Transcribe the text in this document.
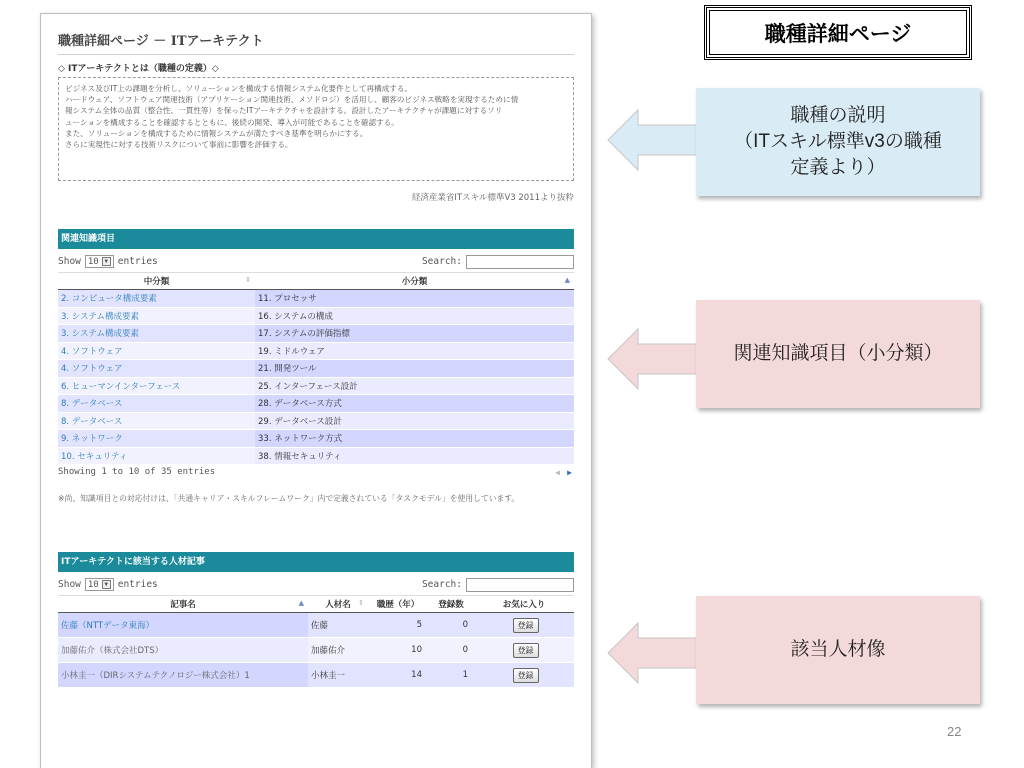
職種詳細ページ － ITアーキテクト
◇ ITアーキテクトとは（職種の定義）◇
ビジネス及びIT上の課題を分析し、ソリューションを構成する情報システム化要件として再構成する。
ハードウェア、ソフトウェア関連技術（アプリケーション関連技術、メソドロジ）を活用し、顧客のビジネス戦略を実現するために情
報システム全体の品質（整合性、一貫性等）を保ったITアーキテクチャを設計する。設計したアーキテクチャが課題に対するソリ
ューションを構成することを確認するとともに、後続の開発、導入が可能であることを確認する。
また、ソリューションを構成するために情報システムが満たすべき基準を明らかにする。
さらに実現性に対する技術リスクについて事前に影響を評価する。
経済産業省ITスキル標準V3 2011より抜粋
関連知識項目
Show 10 ▼ entries	Search:
中分類 ⇕	小分類 ▲

2. コンピュータ構成要素	11. プロセッサ
3. システム構成要素	16. システムの構成
3. システム構成要素	17. システムの評価指標
4. ソフトウェア	19. ミドルウェア
4. ソフトウェア	21. 開発ツール
6. ヒューマンインターフェース	25. インターフェース設計
8. データベース	28. データベース方式
8. データベース	29. データベース設計
9. ネットワーク	33. ネットワーク方式
10. セキュリティ	38. 情報セキュリティ
Showing 1 to 10 of 35 entries	◀ ▶
※尚、知識項目との対応付けは、「共通キャリア・スキルフレームワーク」内で定義されている「タスクモデル」を使用しています。
ITアーキテクトに該当する人材記事
Show 10 ▼ entries	Search:
記事名 ▲	人材名 ⇕	職歴（年）	登録数	お気に入り
佐藤（NTTデータ東海）	佐藤	5	0	登録
加藤佑介（株式会社DTS）	加藤佑介	10	0	登録
小林圭一（DIRシステムテクノロジー株式会社）1	小林圭一	14	1	登録
職種詳細ページ
職種の説明
（ITスキル標準v3の職種
定義より）
関連知識項目（小分類）
該当人材像
22
